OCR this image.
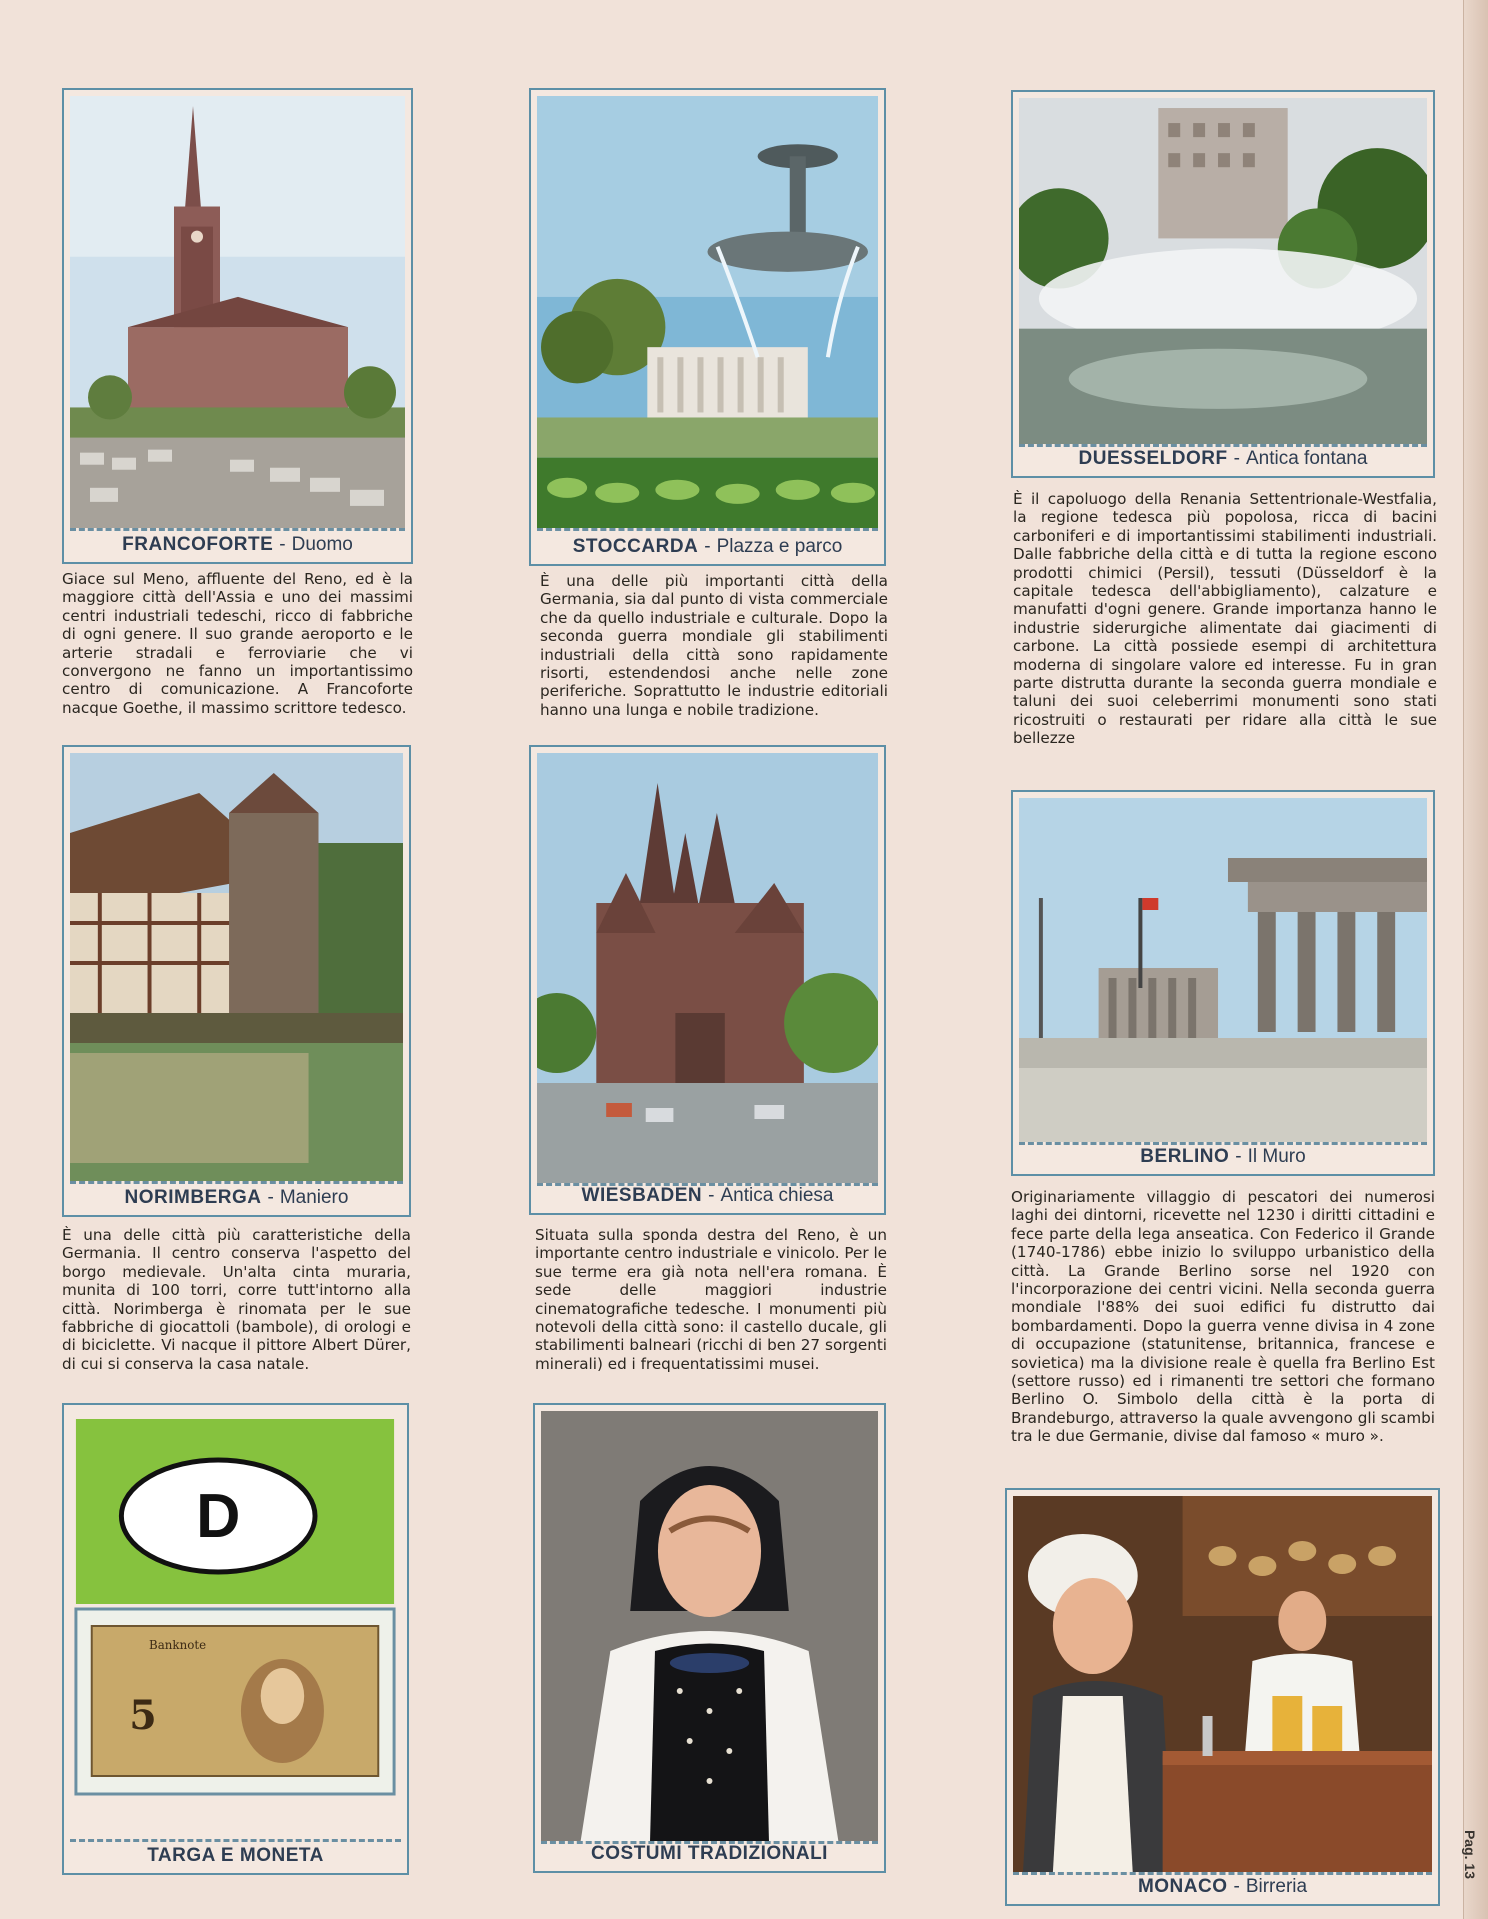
FRANCOFORTE - Duomo	STOCCARDA - Plazza e parco
DUESSELDORF - Antica fontana

Giace sul Meno, affluente del Reno, ed è la maggiore città dell'Assia e uno dei massimi centri industriali tedeschi, ricco di fabbriche di ogni genere. Il suo grande aeroporto e le arterie stradali e ferroviarie che vi convergono ne fanno un importantissimo centro di comunicazione. A Francoforte nacque Goethe, il massimo scrittore tedesco.

È una delle più importanti città della Germania, sia dal punto di vista commerciale che da quello industriale e culturale. Dopo la seconda guerra mondiale gli stabilimenti industriali della città sono rapidamente risorti, estendendosi anche nelle zone periferiche. Soprattutto le industrie editoriali hanno una lunga e nobile tradizione.

È il capoluogo della Renania Settentrionale-Westfalia, la regione tedesca più popolosa, ricca di bacini carboniferi e di importantissimi stabilimenti industriali. Dalle fabbriche della città e di tutta la regione escono prodotti chimici (Persil), tessuti (Düsseldorf è la capitale tedesca dell'abbigliamento), calzature e manufatti d'ogni genere. Grande importanza hanno le industrie siderurgiche alimentate dai giacimenti di carbone. La città possiede esempi di architettura moderna di singolare valore ed interesse. Fu in gran parte distrutta durante la seconda guerra mondiale e taluni dei suoi celeberrimi monumenti sono stati ricostruiti o restaurati per ridare alla città le sue bellezze

NORIMBERGA - Maniero	WIESBADEN - Antica chiesa
BERLINO - Il Muro

È una delle città più caratteristiche della Germania. Il centro conserva l'aspetto del borgo medievale. Un'alta cinta muraria, munita di 100 torri, corre tutt'intorno alla città. Norimberga è rinomata per le sue fabbriche di giocattoli (bambole), di orologi e di biciclette. Vi nacque il pittore Albert Dürer, di cui si conserva la casa natale.

Situata sulla sponda destra del Reno, è un importante centro industriale e vinicolo. Per le sue terme era già nota nell'era romana. È sede delle maggiori industrie cinematografiche tedesche. I monumenti più notevoli della città sono: il castello ducale, gli stabilimenti balneari (ricchi di ben 27 sorgenti minerali) ed i frequentatissimi musei.

Originariamente villaggio di pescatori dei numerosi laghi dei dintorni, ricevette nel 1230 i diritti cittadini e fece parte della lega anseatica. Con Federico il Grande (1740-1786) ebbe inizio lo sviluppo urbanistico della città. La Grande Berlino sorse nel 1920 con l'incorporazione dei centri vicini. Nella seconda guerra mondiale l'88% dei suoi edifici fu distrutto dai bombardamenti. Dopo la guerra venne divisa in 4 zone di occupazione (statunitense, britannica, francese e sovietica) ma la divisione reale è quella fra Berlino Est (settore russo) ed i rimanenti tre settori che formano Berlino O. Simbolo della città è la porta di Brandeburgo, attraverso la quale avvengono gli scambi tra le due Germanie, divise dal famoso « muro ».

D
Banknote
5
TARGA E MONETA	COSTUMI TRADIZIONALI
MONACO - Birreria
Pag. 13
